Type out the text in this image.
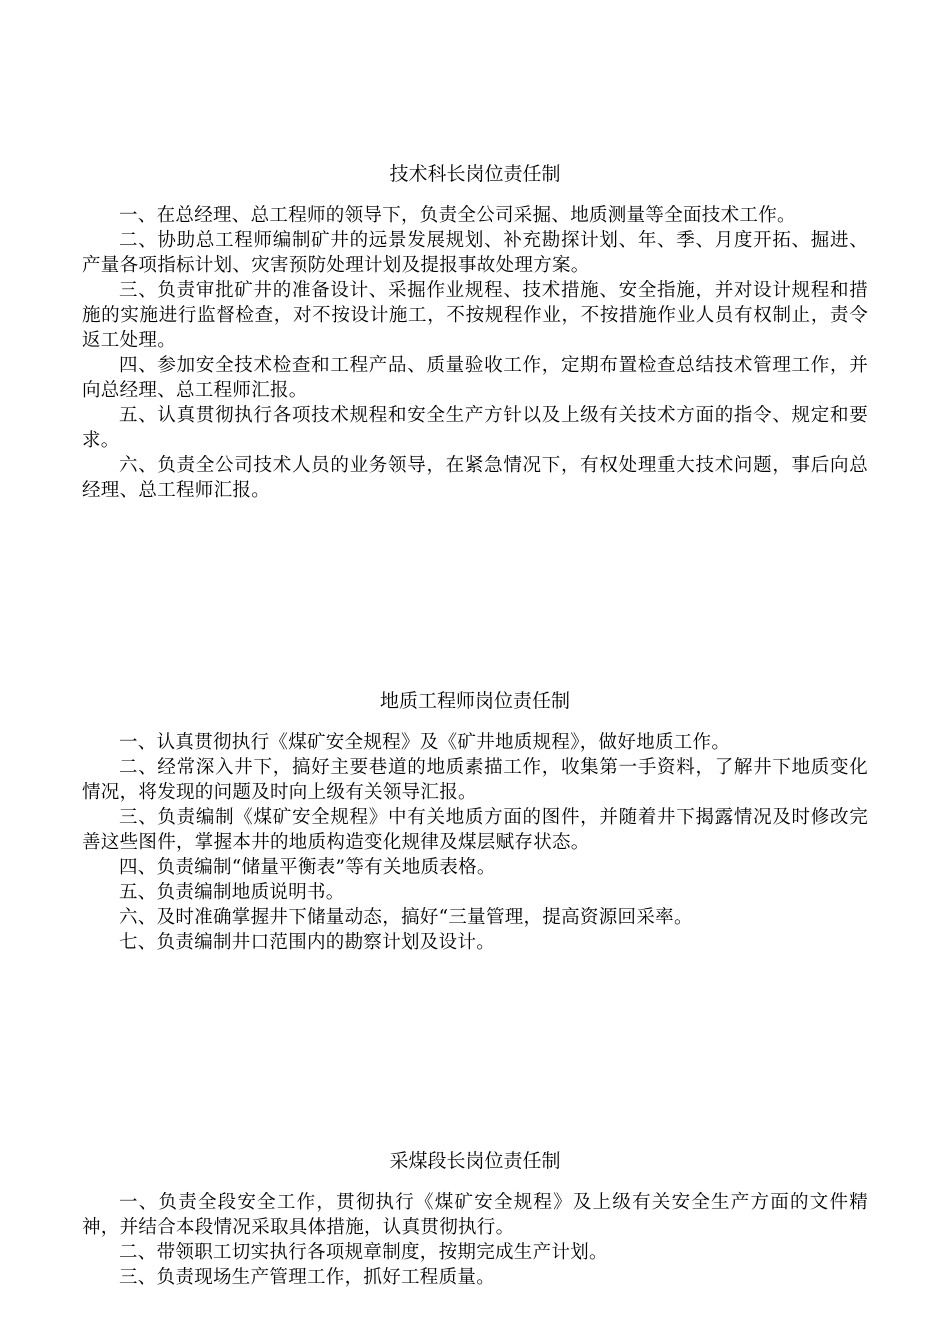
技术科长岗位责任制

一、在总经理、总工程师的领导下，负责全公司采掘、地质测量等全面技术工作。

二、协助总工程师编制矿井的远景发展规划、补充勘探计划、年、季、月度开拓、掘进、产量各项指标计划、灾害预防处理计划及提报事故处理方案。

三、负责审批矿井的准备设计、采掘作业规程、技术措施、安全指施，并对设计规程和措施的实施进行监督检查，对不按设计施工，不按规程作业，不按措施作业人员有权制止，责令返工处理。

四、参加安全技术检查和工程产品、质量验收工作，定期布置检查总结技术管理工作，并向总经理、总工程师汇报。

五、认真贯彻执行各项技术规程和安全生产方针以及上级有关技术方面的指令、规定和要求。

六、负责全公司技术人员的业务领导，在紧急情况下，有权处理重大技术问题，事后向总经理、总工程师汇报。

地质工程师岗位责任制

一、认真贯彻执行《煤矿安全规程》及《矿井地质规程》，做好地质工作。

二、经常深入井下，搞好主要巷道的地质素描工作，收集第一手资料，了解井下地质变化情况，将发现的问题及时向上级有关领导汇报。

三、负责编制《煤矿安全规程》中有关地质方面的图件，并随着井下揭露情况及时修改完善这些图件，掌握本井的地质构造变化规律及煤层赋存状态。

四、负责编制“储量平衡表”等有关地质表格。

五、负责编制地质说明书。

六、及时准确掌握井下储量动态，搞好“三量管理，提高资源回采率。

七、负责编制井口范围内的勘察计划及设计。

采煤段长岗位责任制

一、负责全段安全工作，贯彻执行《煤矿安全规程》及上级有关安全生产方面的文件精神，并结合本段情况采取具体措施，认真贯彻执行。

二、带领职工切实执行各项规章制度，按期完成生产计划。

三、负责现场生产管理工作，抓好工程质量。
